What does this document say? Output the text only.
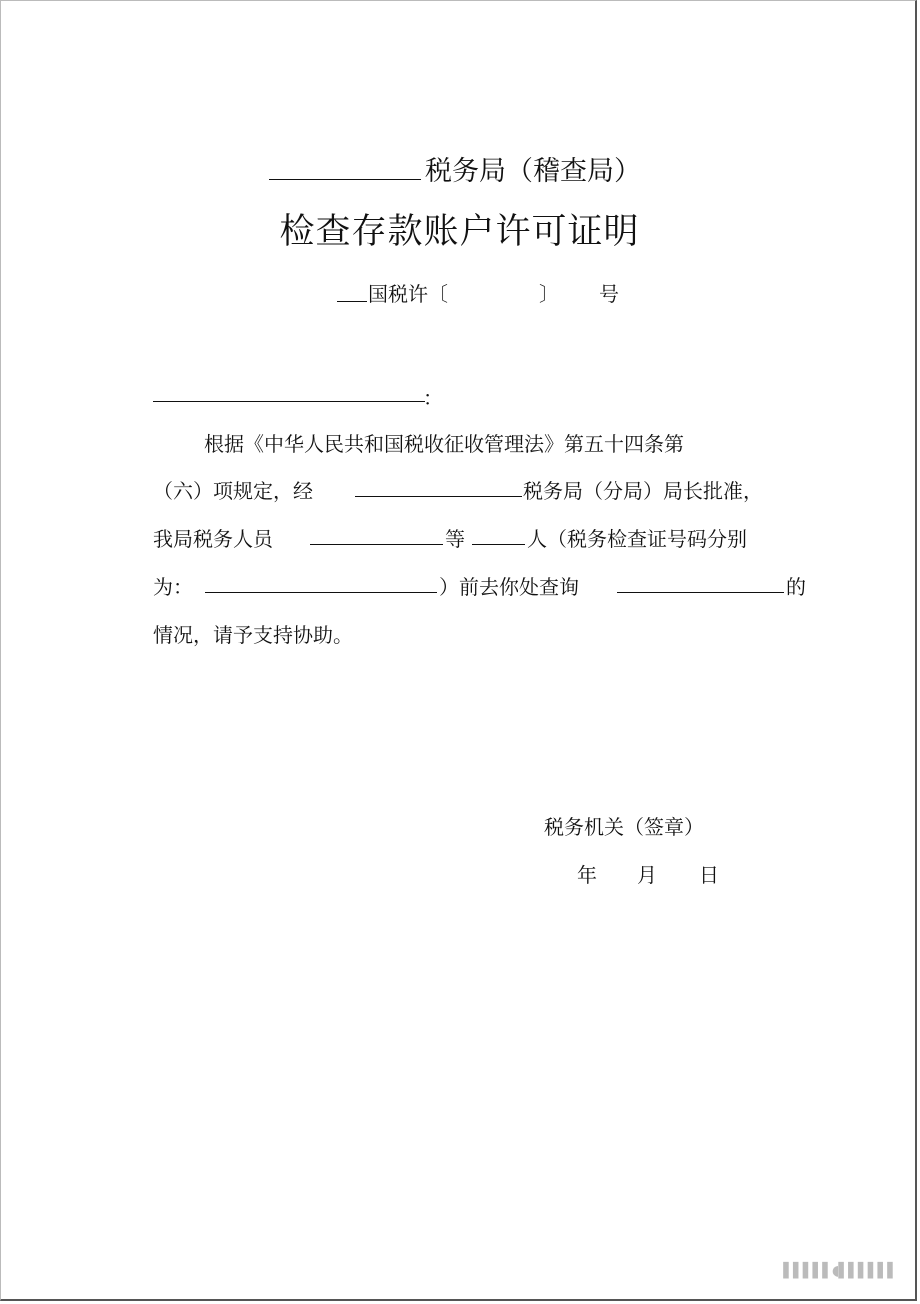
税务局（稽查局）
检查存款账户许可证明
国税许〔	〕 号
：
根据《中华人民共和国税收征收管理法》第五十四条第
（六）项规定，经	税务局（分局）局长批准，
我局税务人员	等	人（税务检查证号码分别
为：	）前去你处查询	的
情况，请予支持协助。
税务机关（签章）
年 月 日
▌▌▌▌▌◖▌▌▌▌▌▌
